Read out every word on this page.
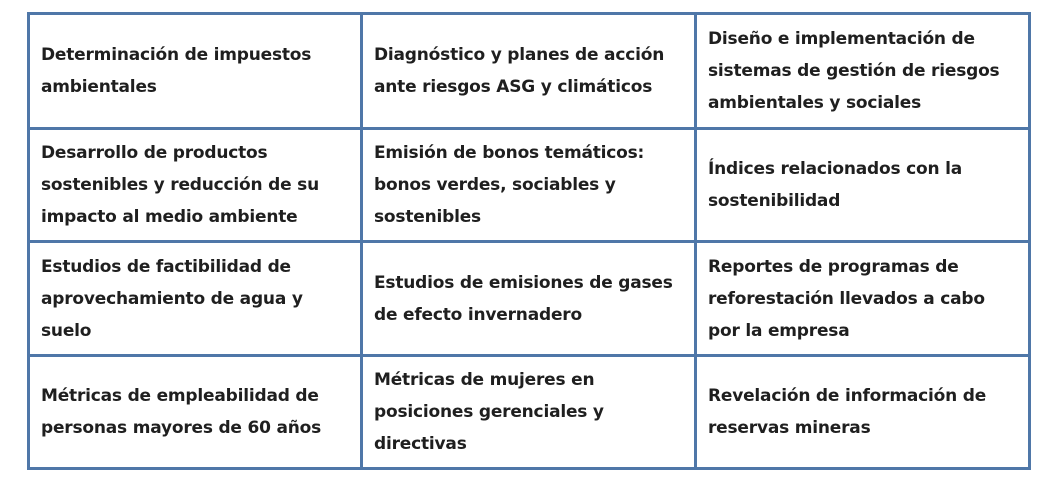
Determinación de impuestos ambientales
Diagnóstico y planes de acción ante riesgos ASG y climáticos
Diseño e implementación de sistemas de gestión de riesgos ambientales y sociales
Desarrollo de productos sostenibles y reducción de su impacto al medio ambiente
Emisión de bonos temáticos: bonos verdes, sociables y sostenibles
Índices relacionados con la sostenibilidad
Estudios de factibilidad de aprovechamiento de agua y suelo
Estudios de emisiones de gases de efecto invernadero
Reportes de programas de reforestación llevados a cabo por la empresa
Métricas de empleabilidad de personas mayores de 60 años
Métricas de mujeres en posiciones gerenciales y directivas
Revelación de información de reservas mineras
